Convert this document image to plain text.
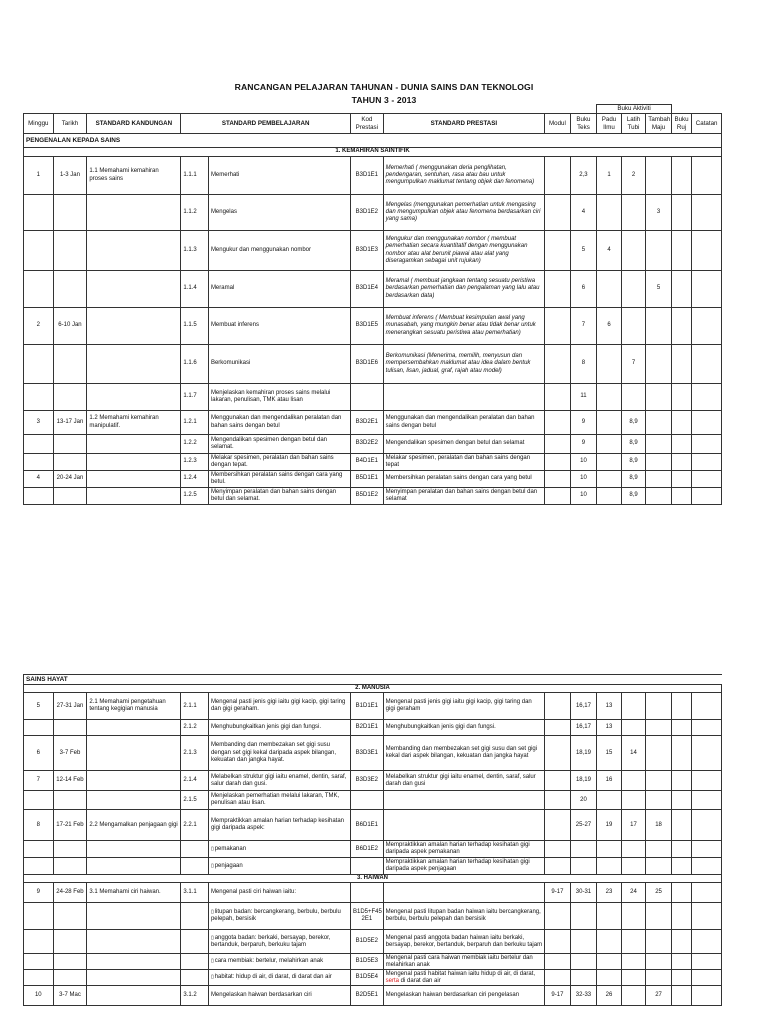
RANCANGAN PELAJARAN TAHUNAN - DUNIA SAINS DAN TEKNOLOGI
TAHUN 3 - 2013
									Buku Aktiviti				
Minggu	Tarikh	STANDARD KANDUNGAN	STANDARD PEMBELAJARAN		Kod Prestasi	STANDARD PRESTASI	Modul	Buku Teks	Padu Ilmu	Latih Tubi	Tambah Maju	Buku Ruj	Catatan
PENGENALAN KEPADA SAINS													
1. KEMAHIRAN SAINTIFIK													
1	1-3 Jan	1.1 Memahami kemahiran proses sains	1.1.1	Memerhati	B3D1E1	Memerhati ( menggunakan deria penglihatan, pendengaran, sentuhan, rasa atau bau untuk mengumpulkan maklumat tentang objek dan fenomena)		2,3	1	2			
			1.1.2	Mengelas	B3D1E2	Mengelas (menggunakan pemerhatian untuk mengasing dan mengumpulkan objek atau fenomena berdasarkan ciri yang sama)		4			3		
			1.1.3	Mengukur dan menggunakan nombor	B3D1E3	Mengukur dan menggunakan nombor ( membuat pemerhatian secara kuantitatif dengan menggunakan nombor atau alat berunit piawai atau alat yang diseragamkan sebagai unit rujukan)		5	4				
			1.1.4	Meramal	B3D1E4	Meramal ( membuat jangkaan tentang sesuatu peristiwa berdasarkan pemerhatian dan pengalaman yang lalu atau berdasarkan data)		6			5		
2	6-10 Jan		1.1.5	Membuat inferens	B3D1E5	Membuat inferens ( Membuat kesimpulan awal yang munasabah, yang mungkin benar atau tidak benar untuk menerangkan sesuatu peristiwa atau pemerhatian)		7	6				
			1.1.6	Berkomunikasi	B3D1E6	Berkomunikasi (Menerima, memilih, menyusun dan mempersembahkan maklumat atau idea dalam bentuk tulisan, lisan, jadual, graf, rajah atau model)		8		7			
			1.1.7	Menjelaskan kemahiran proses sains melalui lakaran, penulisan, TMK atau lisan				11					
3	13-17 Jan	1.2 Memahami kemahiran manipulatif.	1.2.1	Menggunakan dan mengendalikan peralatan dan bahan sains dengan betul	B3D2E1	Menggunakan dan mengendalikan peralatan dan bahan sains dengan betul		9		8,9			
			1.2.2	Mengendalikan spesimen dengan betul dan selamat.	B3D2E2	Mengendalikan spesimen dengan betul dan selamat		9		8,9			
			1.2.3	Melakar spesimen, peralatan dan bahan sains dengan tepat.	B4D1E1	Melakar spesimen, peralatan dan bahan sains dengan tepat		10		8,9			
4	20-24 Jan		1.2.4	Membersihkan peralatan sains dengan cara yang betul.	B5D1E1	Membersihkan peralatan sains dengan cara yang betul		10		8,9			
			1.2.5	Menyimpan peralatan dan bahan sains dengan betul dan selamat.	B5D1E2	Menyimpan peralatan dan bahan sains dengan betul dan selamat		10		8,9			
SAINS HAYAT													
2. MANUSIA													
5	27-31 Jan	2.1 Memahami pengetahuan tentang kegigian manusia	2.1.1	Mengenal pasti jenis gigi iaitu gigi kacip, gigi taring dan gigi geraham.	B1D1E1	Mengenal pasti jenis gigi iaitu gigi kacip, gigi taring dan gigi geraham		16,17	13				
			2.1.2	Menghubungkaitkan jenis gigi dan fungsi.	B2D1E1	Menghubungkaitkan jenis gigi dan fungsi.		16,17	13				
6	3-7 Feb		2.1.3	Membanding dan membezakan set gigi susu dengan set gigi kekal daripada aspek bilangan, kekuatan dan jangka hayat.	B3D3E1	Membanding dan membezakan set gigi susu dan set gigi kekal dari aspek bilangan, kekuatan dan jangka hayat		18,19	15	14			
7	12-14 Feb		2.1.4	Melabelkan struktur gigi iaitu enamel, dentin, saraf, salur darah dan gusi.	B3D3E2	Melabelkan struktur gigi iaitu enamel, dentin, saraf, salur darah dan gusi		18,19	16				
			2.1.5	Menjelaskan pemerhatian melalui lakaran, TMK, penulisan atau lisan.				20					
8	17-21 Feb	2.2 Mengamalkan penjagaan gigi	2.2.1	Mempraktikkan amalan harian terhadap kesihatan gigi daripada aspek:	B6D1E1			25-27	19	17	18		
				▯ pemakanan	B6D1E2	Mempraktikkan amalan harian terhadap kesihatan gigi daripada aspek pemakanan							
				▯ penjagaan		Mempraktikkan amalan harian terhadap kesihatan gigi daripada aspek penjagaan							
3. HAIWAN													
9	24-28 Feb	3.1 Memahami ciri haiwan.	3.1.1	Mengenal pasti ciri haiwan iaitu:			9-17	30-31	23	24	25		
				▯ litupan badan: bercangkerang, berbulu, berbulu pelepah, bersisik	B1D5+F45 2E1	Mengenal pasti litupan badan haiwan iaitu bercangkerang, berbulu, berbulu pelepah dan bersisik							
				▯ anggota badan: berkaki, bersayap, berekor, bertanduk, berparuh, berkuku tajam	B1D5E2	Mengenal pasti anggota badan haiwan iaitu berkaki, bersayap, berekor, bertanduk, berparuh dan berkuku tajam							
				▯ cara membiak: bertelur, melahirkan anak	B1D5E3	Mengenal pasti cara haiwan membiak iaitu bertelur dan melahirkan anak							
				▯ habitat: hidup di air, di darat, di darat dan air	B1D5E4	Mengenal pasti habitat haiwan iaitu hidup di air, di darat, serta di darat dan air							
10	3-7 Mac		3.1.2	Mengelaskan haiwan berdasarkan ciri	B2D5E1	Mengelaskan haiwan berdasarkan ciri pengelasan	9-17	32-33	26		27		
